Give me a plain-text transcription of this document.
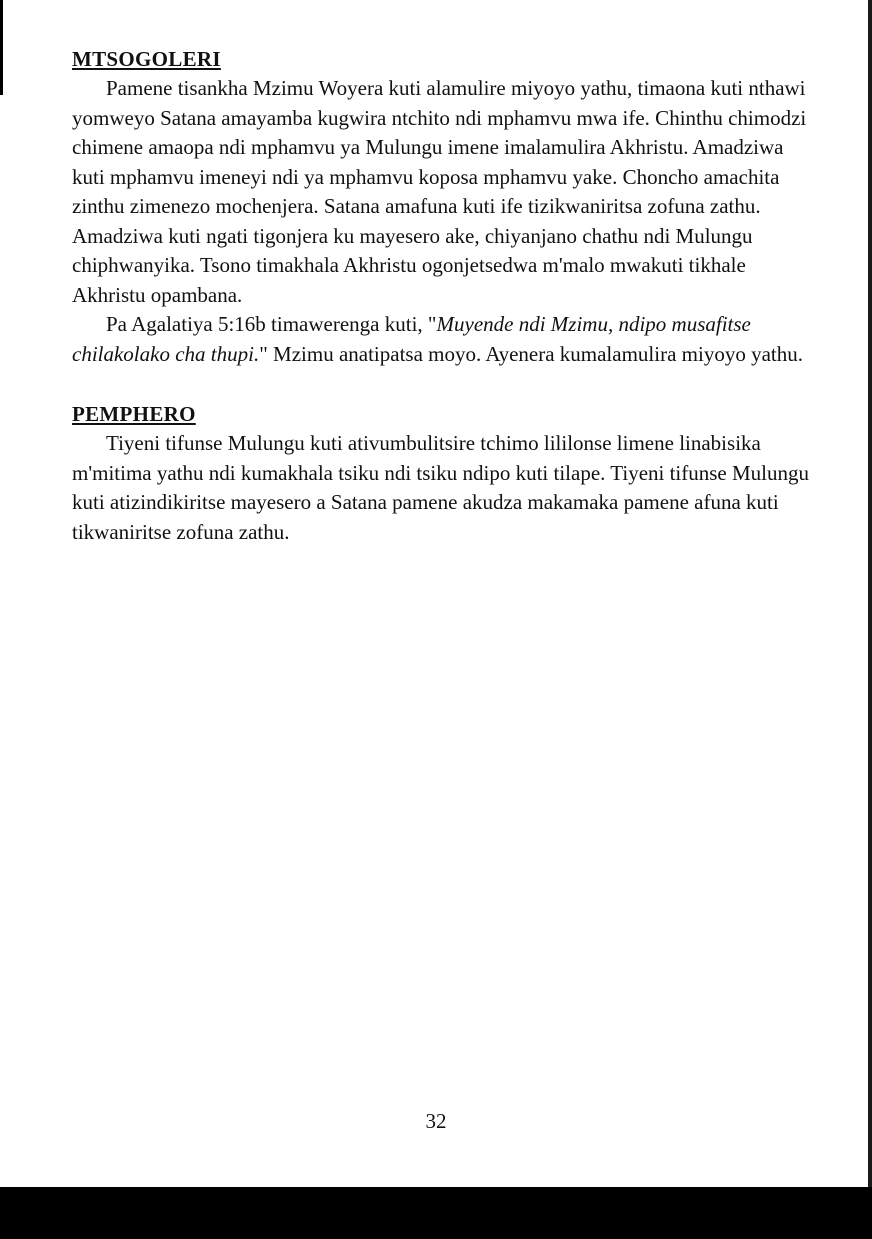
MTSOGOLERI

Pamene tisankha Mzimu Woyera kuti alamulire miyoyo yathu, timaona kuti nthawi yomweyo Satana amayamba kugwira ntchito ndi mphamvu mwa ife. Chinthu chimodzi chimene amaopa ndi mphamvu ya Mulungu imene imalamulira Akhristu. Amadziwa kuti mphamvu imeneyi ndi ya mphamvu koposa mphamvu yake. Choncho amachita zinthu zimenezo mochenjera. Satana amafuna kuti ife tizikwaniritsa zofuna zathu. Amadziwa kuti ngati tigonjera ku mayesero ake, chiyanjano chathu ndi Mulungu chiphwanyika. Tsono timakhala Akhristu ogonjetsedwa m'malo mwakuti tikhale Akhristu opambana.

Pa Agalatiya 5:16b timawerenga kuti, "Muyende ndi Mzimu, ndipo musafitse chilakolako cha thupi." Mzimu anatipatsa moyo. Ayenera kumalamulira miyoyo yathu.

PEMPHERO

Tiyeni tifunse Mulungu kuti ativumbulitsire tchimo lililonse limene linabisika m'mitima yathu ndi kumakhala tsiku ndi tsiku ndipo kuti tilape. Tiyeni tifunse Mulungu kuti atizindikiritse mayesero a Satana pamene akudza makamaka pamene afuna kuti tikwaniritse zofuna zathu.

32
